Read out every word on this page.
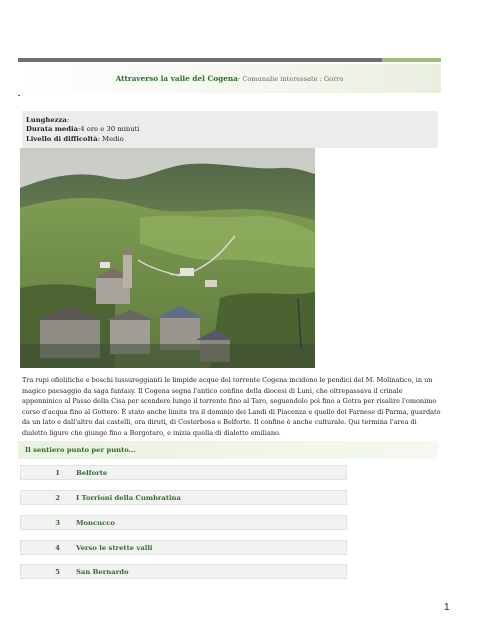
Attraverso la valle del Cogena - Comunalie interessate : Gorro
Lunghezza:
Durata media:4 ore e 30 minuti
Livello di difficoltà: Medio
Tra rupi ofiolitiche e boschi lussureggianti le limpide acque del torrente Cogena incidono le pendici del M. Molinatico, in un magico paesaggio da saga fantasy. Il Cogena segna l'antico confine della diocesi di Luni, che oltrepassava il crinale appenninico al Passo della Cisa per scendere lungo il torrente fino al Taro, seguendolo poi fino a Gotra per risalire l'omonimo corso d'acqua fino al Gottero. È stato anche limite tra il dominio dei Landi di Piacenza e quello dei Farnese di Parma, guardato da un lato e dall'altro dai castelli, ora diruti, di Costerbosa e Belforte. Il confine è anche culturale. Qui termina l'area di dialetto ligure che giunge fino a Borgotaro, e inizia quella di dialetto emiliano.
Il sentiero punto per punto...
1 Belforte
2 I Torrioni della Cumbratina
3 Moncucco
4 Verso le strette valli
5 San Bernardo
1
